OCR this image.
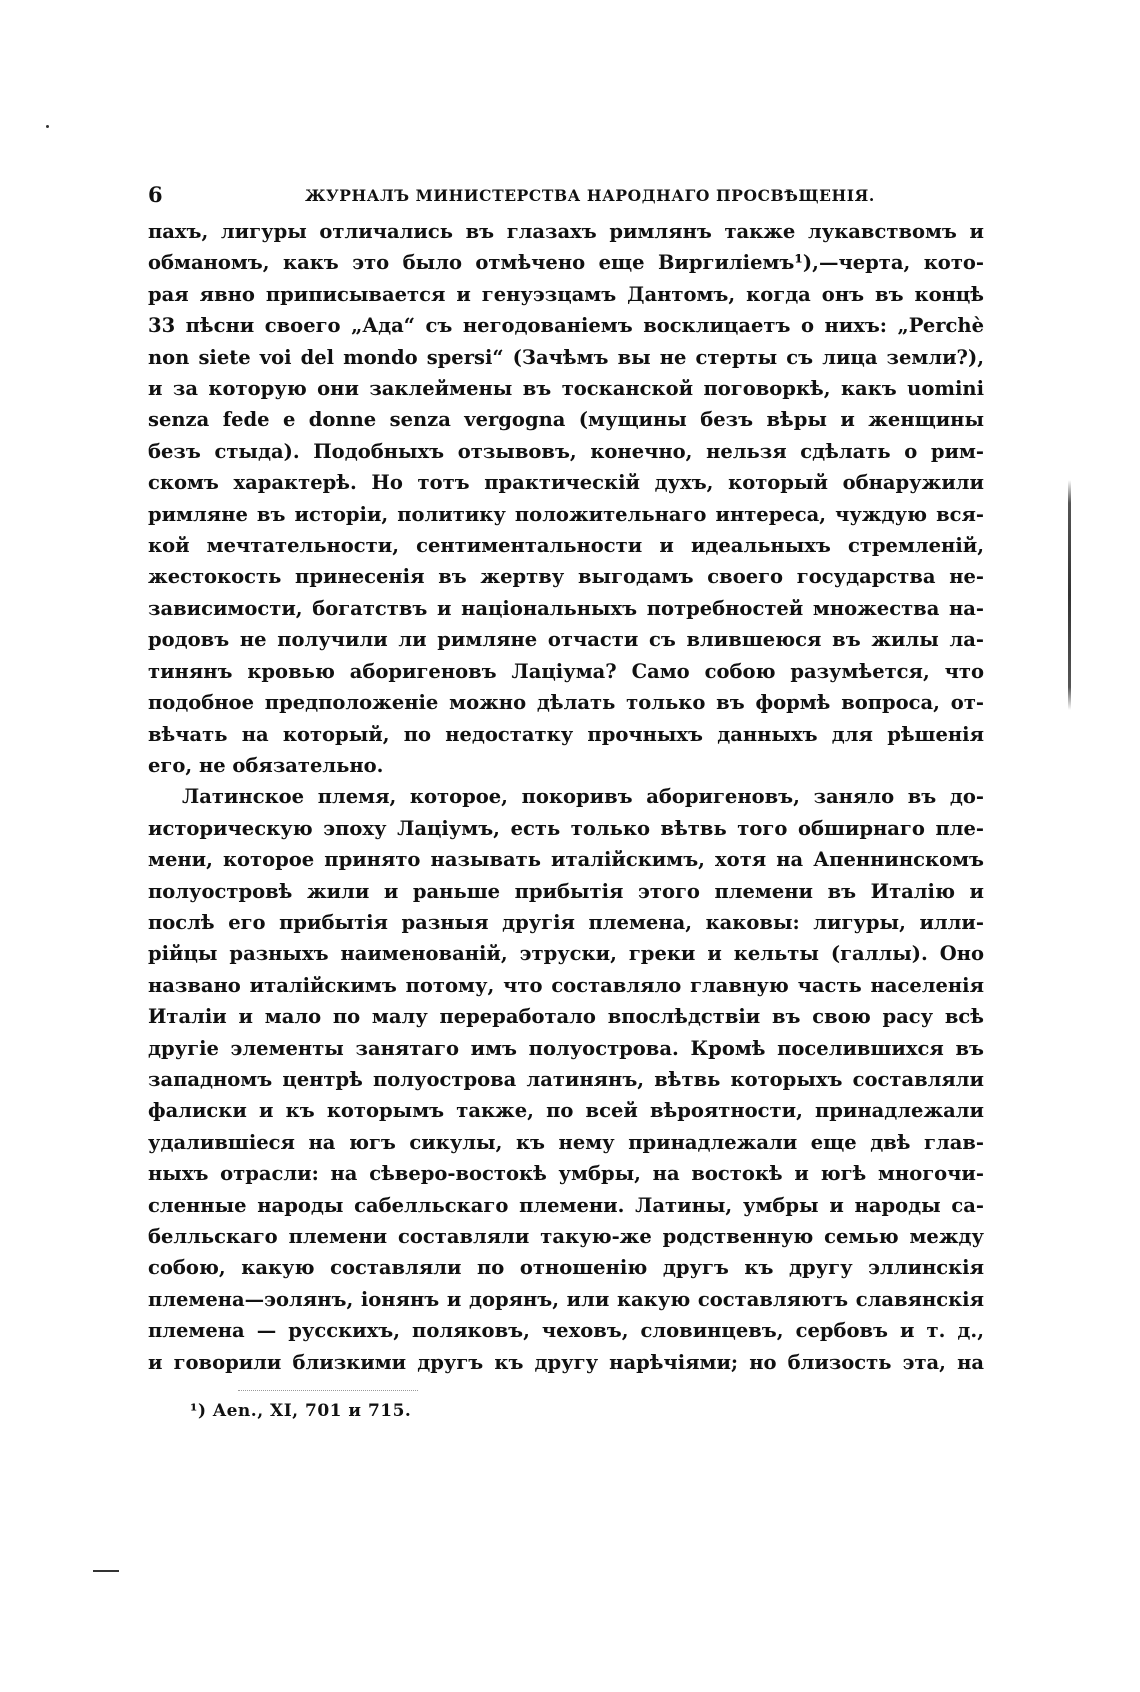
6	ЖУРНАЛЪ МИНИСТЕРСТВА НАРОДНАГО ПРОСВѢЩЕНІЯ.
пахъ, лигуры отличались въ глазахъ римлянъ также лукавствомъ и
обманомъ, какъ это было отмѣчено еще Виргиліемъ¹),—черта, кото-
рая явно приписывается и генуэзцамъ Дантомъ, когда онъ въ концѣ
33 пѣсни своего „Ада“ съ негодованіемъ восклицаетъ о нихъ: „Perchè
non siete voi del mondo spersi“ (Зачѣмъ вы не стерты съ лица земли?),
и за которую они заклеймены въ тосканской поговоркѣ, какъ uomini
senza fede e donne senza vergogna (мущины безъ вѣры и женщины
безъ стыда). Подобныхъ отзывовъ, конечно, нельзя сдѣлать о рим-
скомъ характерѣ. Но тотъ практическій духъ, который обнаружили
римляне въ исторіи, политику положительнаго интереса, чуждую вся-
кой мечтательности, сентиментальности и идеальныхъ стремленій,
жестокость принесенія въ жертву выгодамъ своего государства не-
зависимости, богатствъ и національныхъ потребностей множества на-
родовъ не получили ли римляне отчасти съ влившеюся въ жилы ла-
тинянъ кровью аборигеновъ Лаціума? Само собою разумѣется, что
подобное предположеніе можно дѣлать только въ формѣ вопроса, от-
вѣчать на который, по недостатку прочныхъ данныхъ для рѣшенія
его, не обязательно.
Латинское племя, которое, покоривъ аборигеновъ, заняло въ до-
историческую эпоху Лаціумъ, есть только вѣтвь того обширнаго пле-
мени, которое принято называть италійскимъ, хотя на Апеннинскомъ
полуостровѣ жили и раньше прибытія этого племени въ Италію и
послѣ его прибытія разныя другія племена, каковы: лигуры, илли-
рійцы разныхъ наименованій, этруски, греки и кельты (галлы). Оно
названо италійскимъ потому, что составляло главную часть населенія
Италіи и мало по малу переработало впослѣдствіи въ свою расу всѣ
другіе элементы занятаго имъ полуострова. Кромѣ поселившихся въ
западномъ центрѣ полуострова латинянъ, вѣтвь которыхъ составляли
фалиски и къ которымъ также, по всей вѣроятности, принадлежали
удалившіеся на югъ сикулы, къ нему принадлежали еще двѣ глав-
ныхъ отрасли: на сѣверо-востокѣ умбры, на востокѣ и югѣ многочи-
сленные народы сабелльскаго племени. Латины, умбры и народы са-
белльскаго племени составляли такую-же родственную семью между
собою, какую составляли по отношенію другъ къ другу эллинскія
племена—эолянъ, іонянъ и дорянъ, или какую составляютъ славянскія
племена — русскихъ, поляковъ, чеховъ, словинцевъ, сербовъ и т. д.,
и говорили близкими другъ къ другу нарѣчіями; но близость эта, на
¹) Aen., XI, 701 и 715.
